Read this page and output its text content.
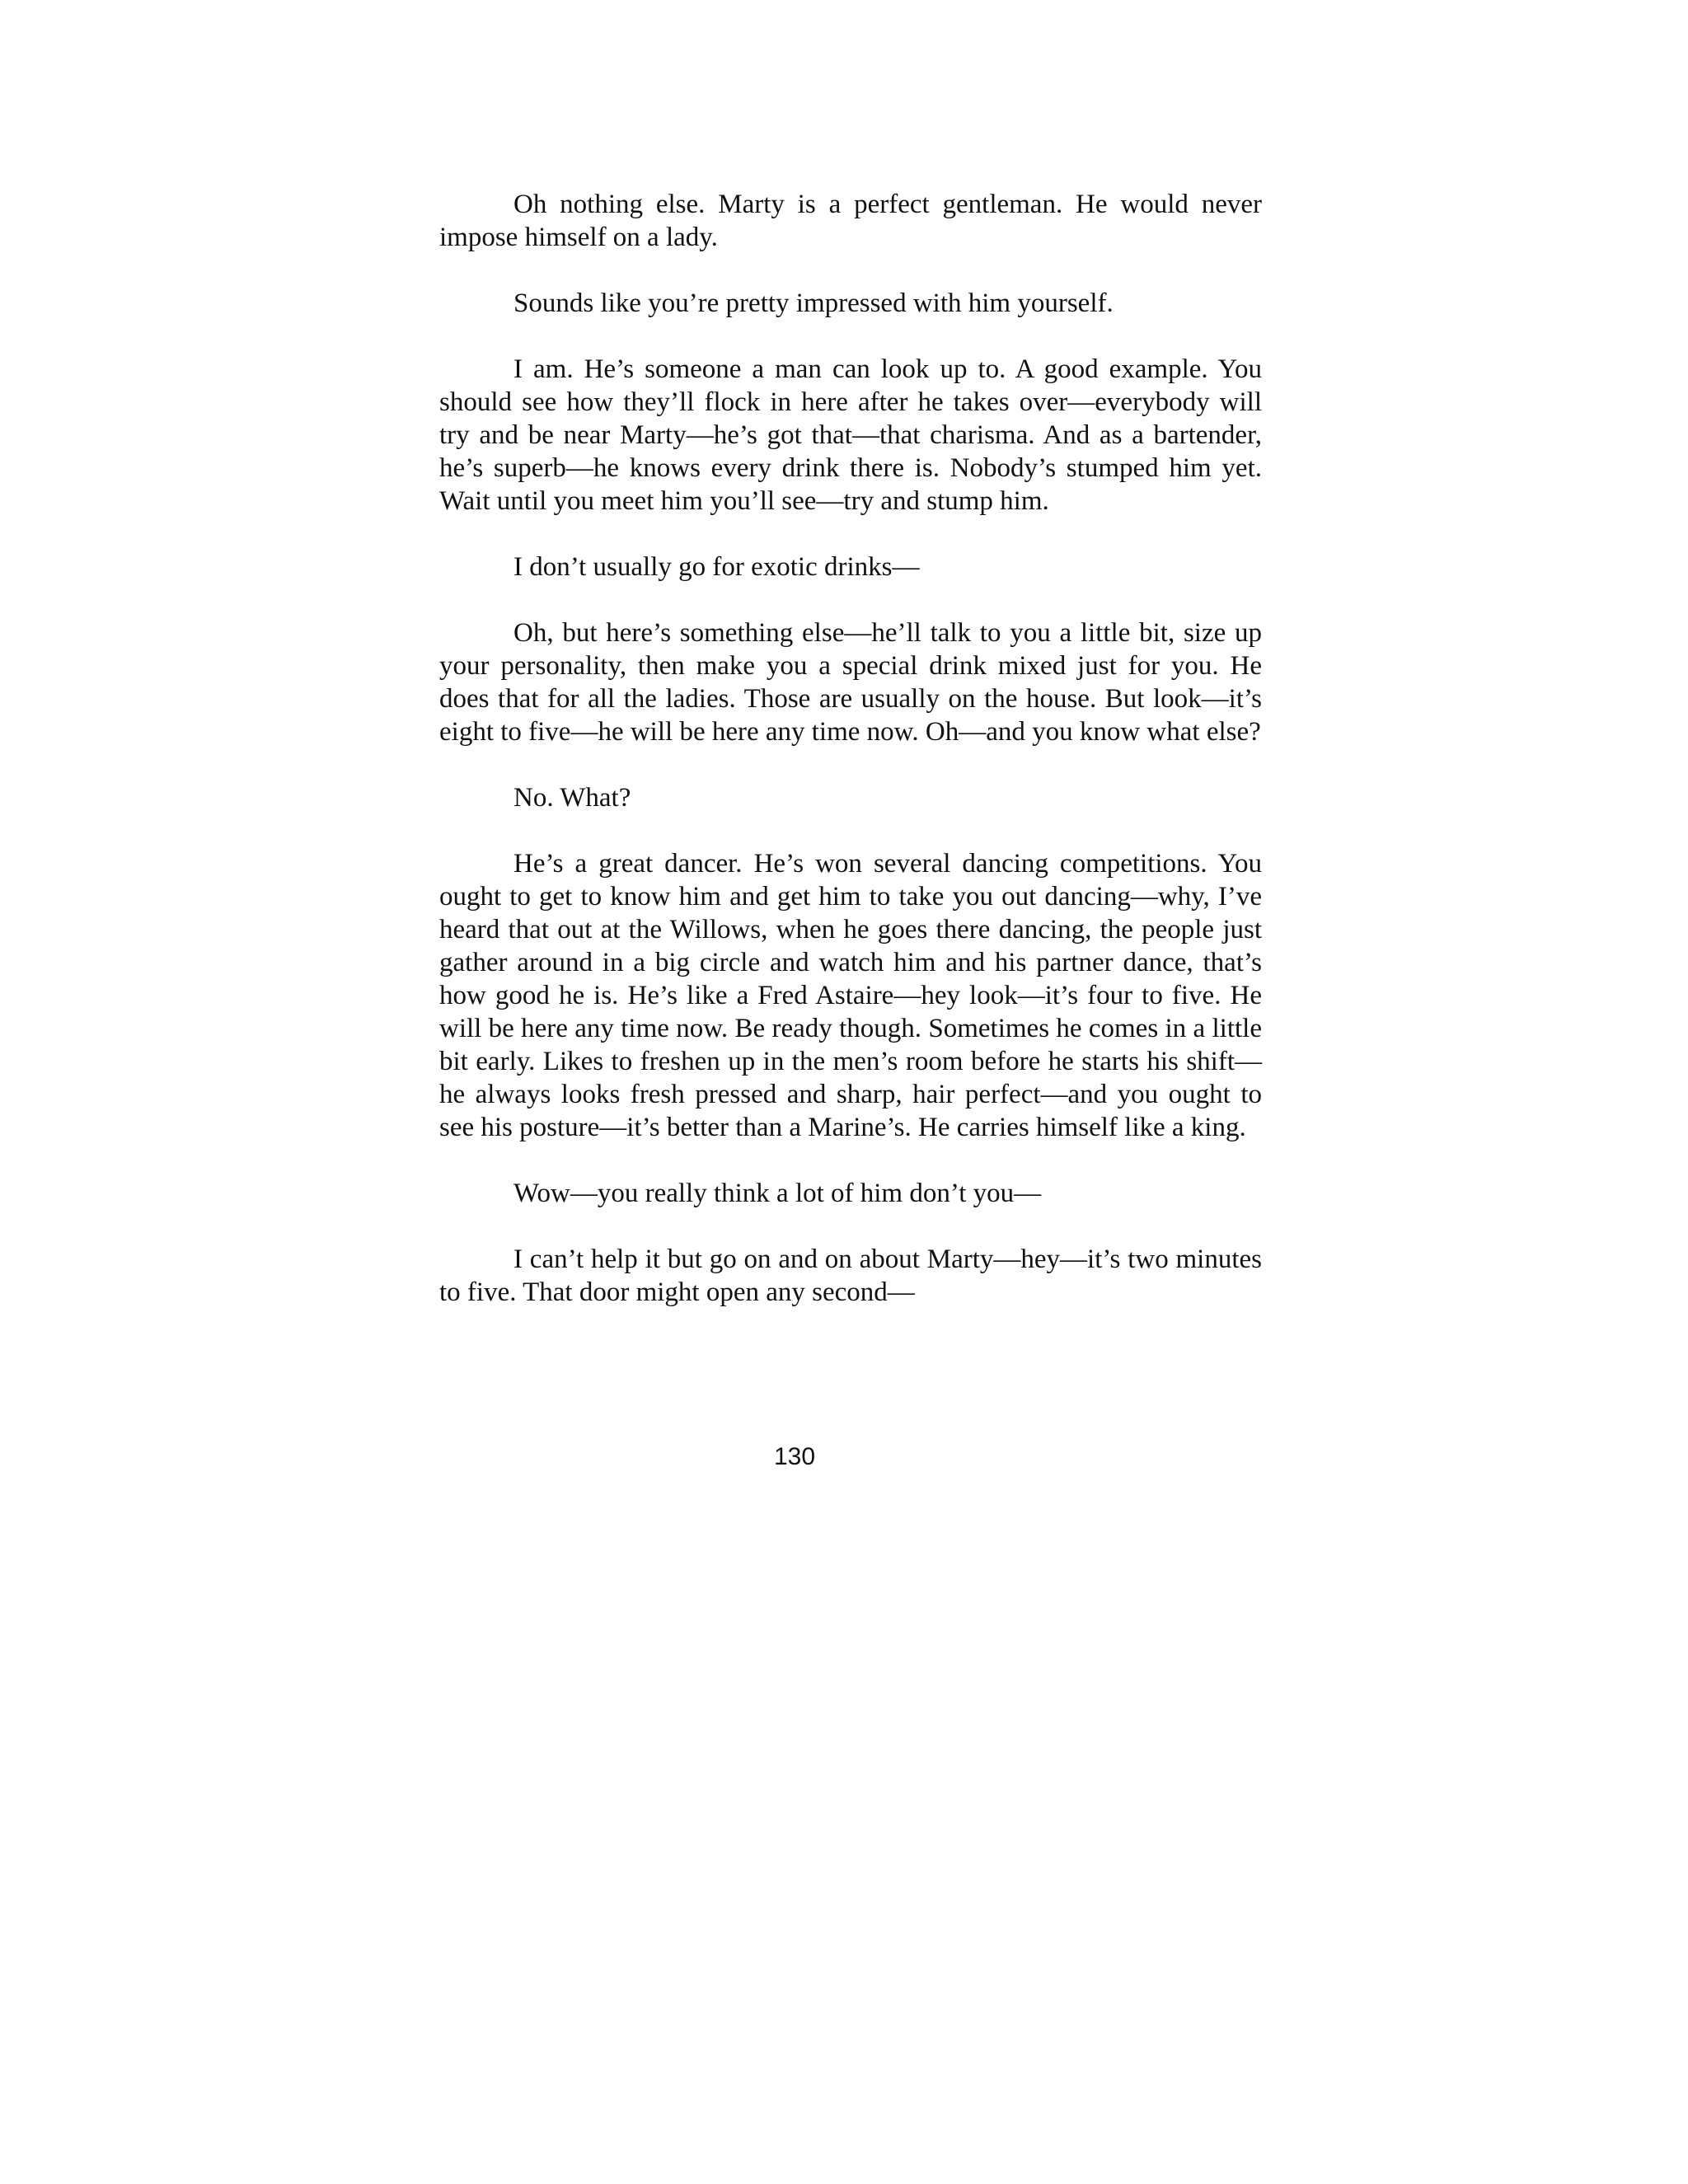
Oh nothing else. Marty is a perfect gentleman. He would never impose himself on a lady.

Sounds like you’re pretty impressed with him yourself.

I am. He’s someone a man can look up to. A good example. You should see how they’ll flock in here after he takes over—everybody will try and be near Marty—he’s got that—that charisma. And as a bartender, he’s superb—he knows every drink there is. Nobody’s stumped him yet. Wait until you meet him you’ll see—try and stump him.

I don’t usually go for exotic drinks—

Oh, but here’s something else—he’ll talk to you a little bit, size up your personality, then make you a special drink mixed just for you. He does that for all the ladies. Those are usually on the house. But look—it’s eight to five—he will be here any time now. Oh—and you know what else?

No. What?

He’s a great dancer. He’s won several dancing competitions. You ought to get to know him and get him to take you out dancing—why, I’ve heard that out at the Willows, when he goes there dancing, the people just gather around in a big circle and watch him and his partner dance, that’s how good he is. He’s like a Fred Astaire—hey look—it’s four to five. He will be here any time now. Be ready though. Sometimes he comes in a little bit early. Likes to freshen up in the men’s room before he starts his shift—he always looks fresh pressed and sharp, hair perfect—and you ought to see his posture—it’s better than a Marine’s. He carries himself like a king.

Wow—you really think a lot of him don’t you—

I can’t help it but go on and on about Marty—hey—it’s two minutes to five. That door might open any second—

130
